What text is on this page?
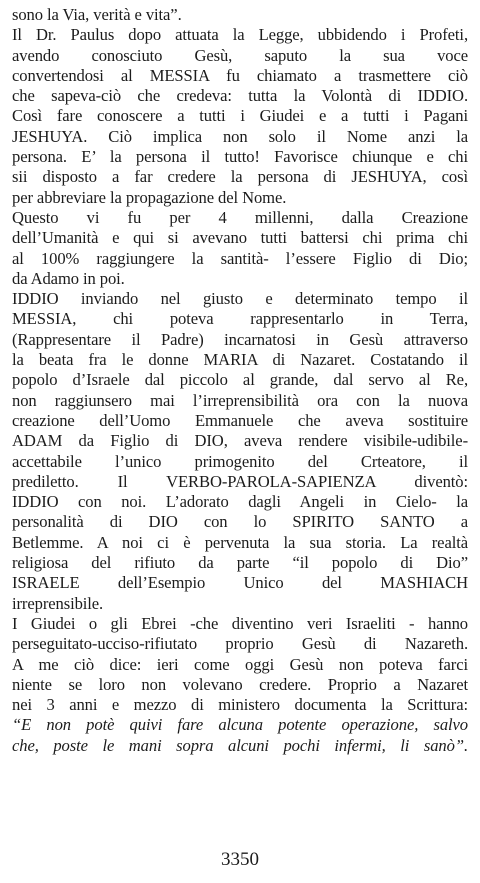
sono la Via, verità e vita”.
Il Dr. Paulus dopo attuata la Legge, ubbidendo i Profeti,
avendo conosciuto Gesù, saputo la sua voce
convertendosi al MESSIA fu chiamato a trasmettere ciò
che sapeva-ciò che credeva: tutta la Volontà di IDDIO.
Così fare conoscere a tutti i Giudei e a tutti i Pagani
JESHUYA. Ciò implica non solo il Nome anzi la
persona. E’ la persona il tutto! Favorisce chiunque e chi
sii disposto a far credere la persona di JESHUYA, così
per abbreviare la propagazione del Nome.
Questo vi fu per 4 millenni, dalla Creazione
dell’Umanità e qui si avevano tutti battersi chi prima chi
al 100% raggiungere la santità- l’essere Figlio di Dio;
da Adamo in poi.
IDDIO inviando nel giusto e determinato tempo il
MESSIA, chi poteva rappresentarlo in Terra,
(Rappresentare il Padre) incarnatosi in Gesù attraverso
la beata fra le donne MARIA di Nazaret. Costatando il
popolo d’Israele dal piccolo al grande, dal servo al Re,
non raggiunsero mai l’irreprensibilità ora con la nuova
creazione dell’Uomo Emmanuele che aveva sostituire
ADAM da Figlio di DIO, aveva rendere visibile-udibile-
accettabile l’unico primogenito del Crteatore, il
prediletto. Il VERBO-PAROLA-SAPIENZA diventò:
IDDIO con noi. L’adorato dagli Angeli in Cielo- la
personalità di DIO con lo SPIRITO SANTO a
Betlemme. A noi ci è pervenuta la sua storia. La realtà
religiosa del rifiuto da parte “il popolo di Dio”
ISRAELE dell’Esempio Unico del MASHIACH
irreprensibile.
I Giudei o gli Ebrei -che diventino veri Israeliti - hanno
perseguitato-ucciso-rifiutato proprio Gesù di Nazareth.
A me ciò dice: ieri come oggi Gesù non poteva farci
niente se loro non volevano credere. Proprio a Nazaret
nei 3 anni e mezzo di ministero documenta la Scrittura:
“E non potè quivi fare alcuna potente operazione, salvo
che, poste le mani sopra alcuni pochi infermi, li sanò”.
3350
